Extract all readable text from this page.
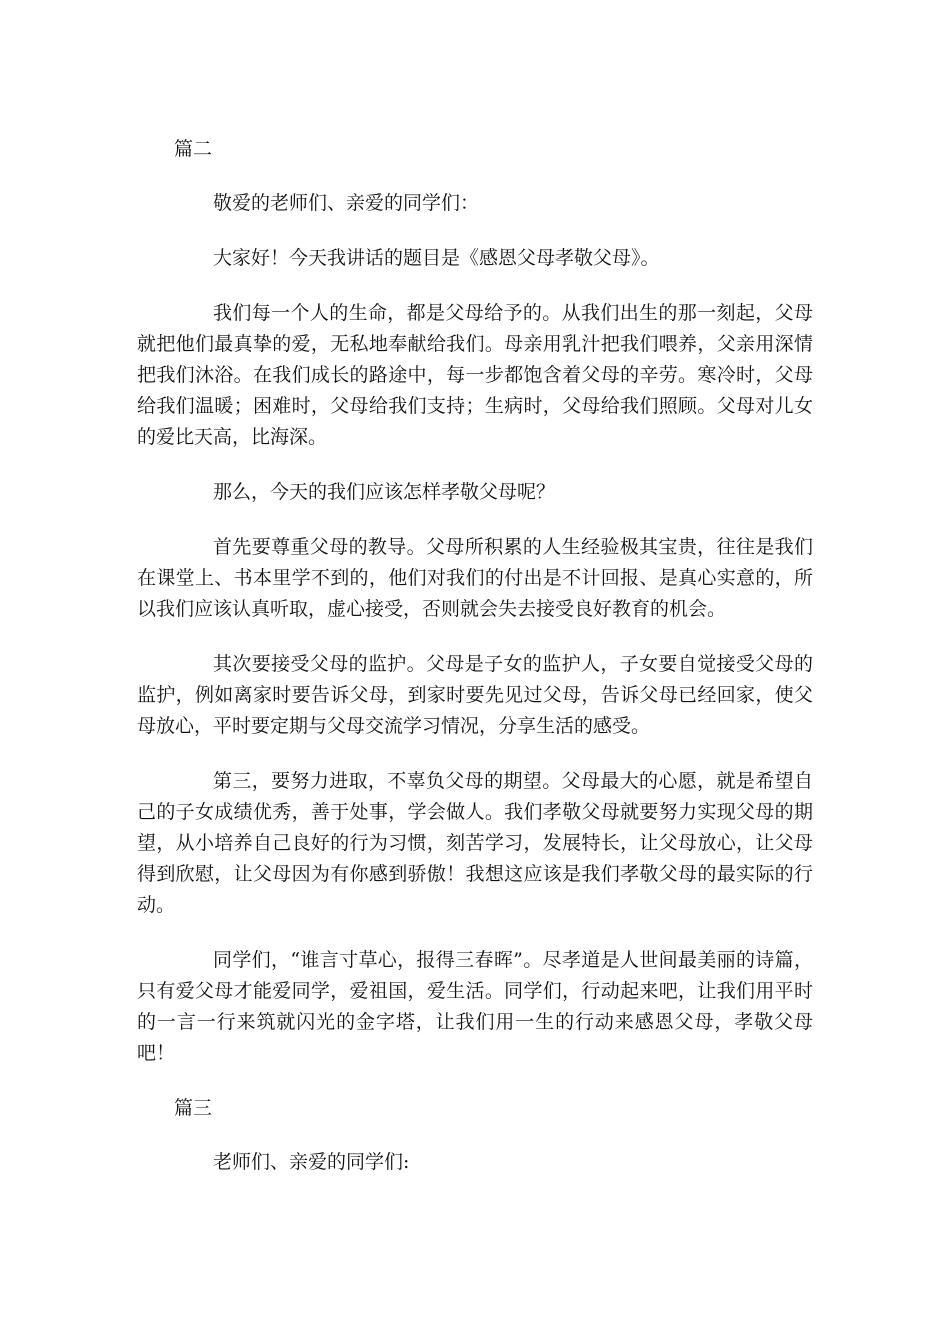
篇二

敬爱的老师们、亲爱的同学们：

大家好！今天我讲话的题目是《感恩父母孝敬父母》。

我们每一个人的生命，都是父母给予的。从我们出生的那一刻起，父母就把他们最真挚的爱，无私地奉献给我们。母亲用乳汁把我们喂养，父亲用深情把我们沐浴。在我们成长的路途中，每一步都饱含着父母的辛劳。寒冷时，父母给我们温暖；困难时，父母给我们支持；生病时，父母给我们照顾。父母对儿女的爱比天高，比海深。

那么，今天的我们应该怎样孝敬父母呢？

首先要尊重父母的教导。父母所积累的人生经验极其宝贵，往往是我们在课堂上、书本里学不到的，他们对我们的付出是不计回报、是真心实意的，所以我们应该认真听取，虚心接受，否则就会失去接受良好教育的机会。

其次要接受父母的监护。父母是子女的监护人，子女要自觉接受父母的监护，例如离家时要告诉父母，到家时要先见过父母，告诉父母已经回家，使父母放心，平时要定期与父母交流学习情况，分享生活的感受。

第三，要努力进取，不辜负父母的期望。父母最大的心愿，就是希望自己的子女成绩优秀，善于处事，学会做人。我们孝敬父母就要努力实现父母的期望，从小培养自己良好的行为习惯，刻苦学习，发展特长，让父母放心，让父母得到欣慰，让父母因为有你感到骄傲！我想这应该是我们孝敬父母的最实际的行动。

同学们，“谁言寸草心，报得三春晖”。尽孝道是人世间最美丽的诗篇，只有爱父母才能爱同学，爱祖国，爱生活。同学们，行动起来吧，让我们用平时的一言一行来筑就闪光的金字塔，让我们用一生的行动来感恩父母，孝敬父母吧！

篇三

老师们、亲爱的同学们:
